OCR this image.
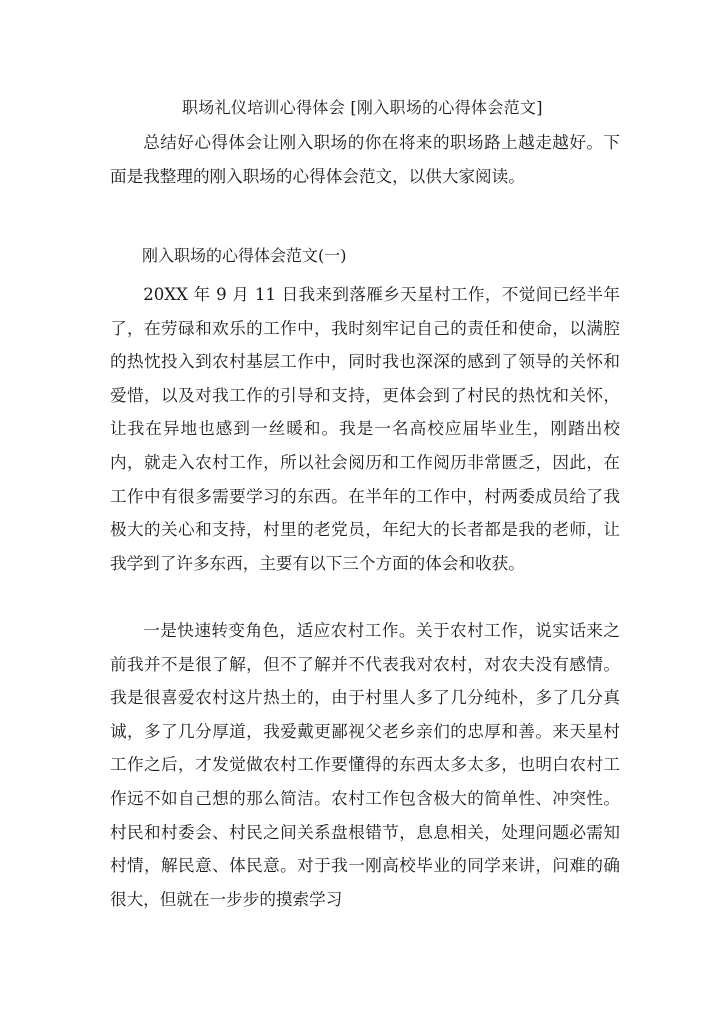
职场礼仪培训心得体会 [刚入职场的心得体会范文]
总结好心得体会让刚入职场的你在将来的职场路上越走越好。下面是我整理的刚入职场的心得体会范文，以供大家阅读。
刚入职场的心得体会范文(一)
20XX 年 9 月 11 日我来到落雁乡天星村工作，不觉间已经半年了，在劳碌和欢乐的工作中，我时刻牢记自己的责任和使命，以满腔的热忱投入到农村基层工作中，同时我也深深的感到了领导的关怀和爱惜，以及对我工作的引导和支持，更体会到了村民的热忱和关怀，让我在异地也感到一丝暖和。我是一名高校应届毕业生，刚踏出校内，就走入农村工作，所以社会阅历和工作阅历非常匮乏，因此，在工作中有很多需要学习的东西。在半年的工作中，村两委成员给了我极大的关心和支持，村里的老党员，年纪大的长者都是我的老师，让我学到了许多东西，主要有以下三个方面的体会和收获。
一是快速转变角色，适应农村工作。关于农村工作，说实话来之前我并不是很了解，但不了解并不代表我对农村，对农夫没有感情。我是很喜爱农村这片热土的，由于村里人多了几分纯朴，多了几分真诚，多了几分厚道，我爱戴更鄙视父老乡亲们的忠厚和善。来天星村工作之后，才发觉做农村工作要懂得的东西太多太多，也明白农村工作远不如自己想的那么简洁。农村工作包含极大的简单性、冲突性。村民和村委会、村民之间关系盘根错节，息息相关，处理问题必需知村情，解民意、体民意。对于我一刚高校毕业的同学来讲，问难的确很大，但就在一步步的摸索学习
